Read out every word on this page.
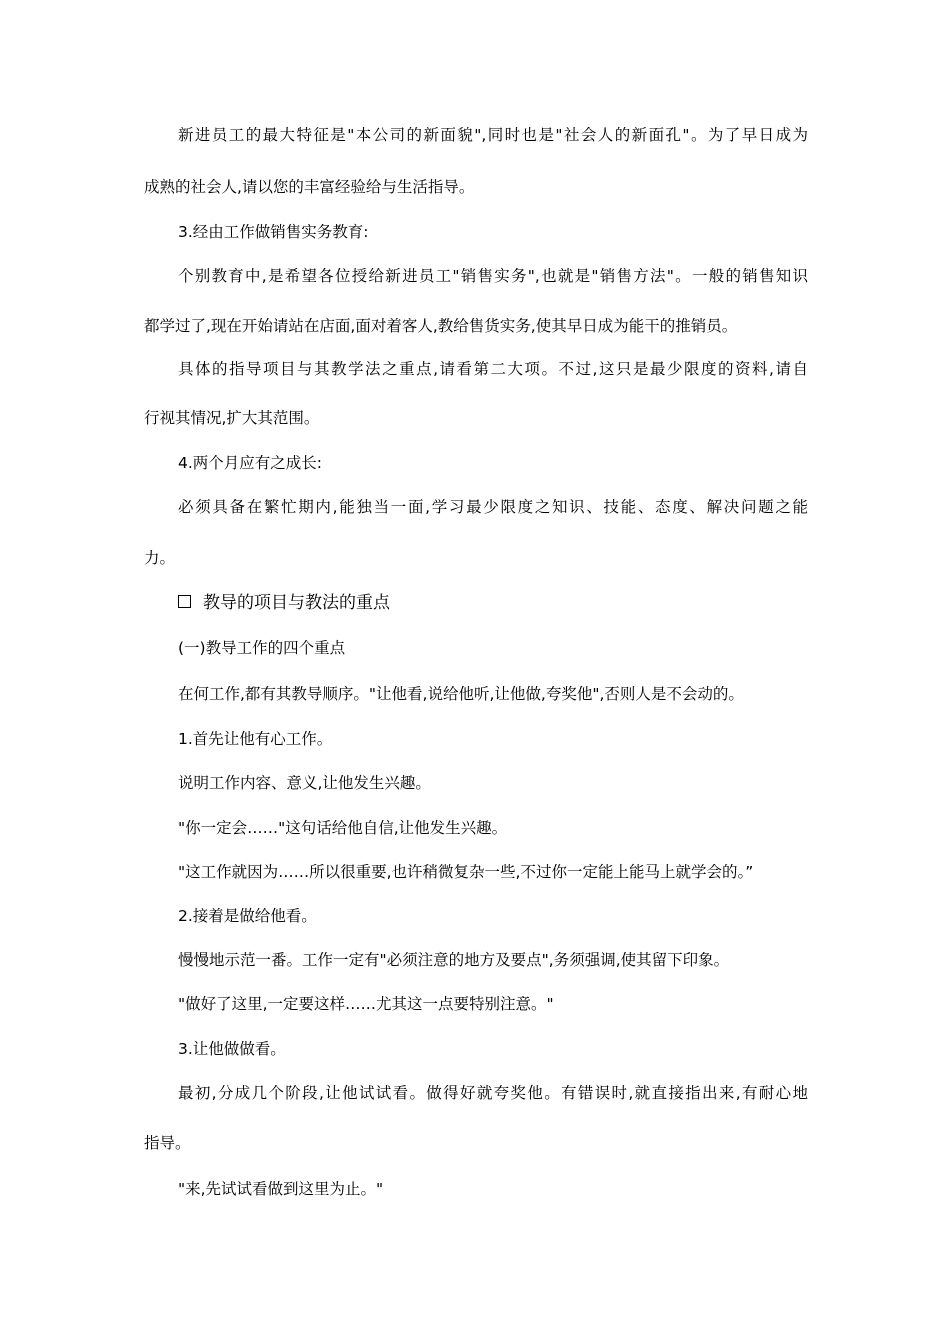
新进员工的最大特征是"本公司的新面貌",同时也是"社会人的新面孔"。为了早日成为

成熟的社会人,请以您的丰富经验给与生活指导。

3.经由工作做销售实务教育:

个别教育中,是希望各位授给新进员工"销售实务",也就是"销售方法"。一般的销售知识

都学过了,现在开始请站在店面,面对着客人,教给售货实务,使其早日成为能干的推销员。

具体的指导项目与其教学法之重点,请看第二大项。不过,这只是最少限度的资料,请自

行视其情况,扩大其范围。

4.两个月应有之成长:

必须具备在繁忙期内,能独当一面,学习最少限度之知识、技能、态度、解决问题之能

力。

教导的项目与教法的重点

(一)教导工作的四个重点

在何工作,都有其教导顺序。"让他看,说给他听,让他做,夸奖他",否则人是不会动的。

1.首先让他有心工作。

说明工作内容、意义,让他发生兴趣。

"你一定会……"这句话给他自信,让他发生兴趣。

"这工作就因为……所以很重要,也许稍微复杂一些,不过你一定能上能马上就学会的。”

2.接着是做给他看。

慢慢地示范一番。工作一定有"必须注意的地方及要点",务须强调,使其留下印象。

"做好了这里,一定要这样……尤其这一点要特别注意。"

3.让他做做看。

最初,分成几个阶段,让他试试看。做得好就夸奖他。有错误时,就直接指出来,有耐心地

指导。

"来,先试试看做到这里为止。"
